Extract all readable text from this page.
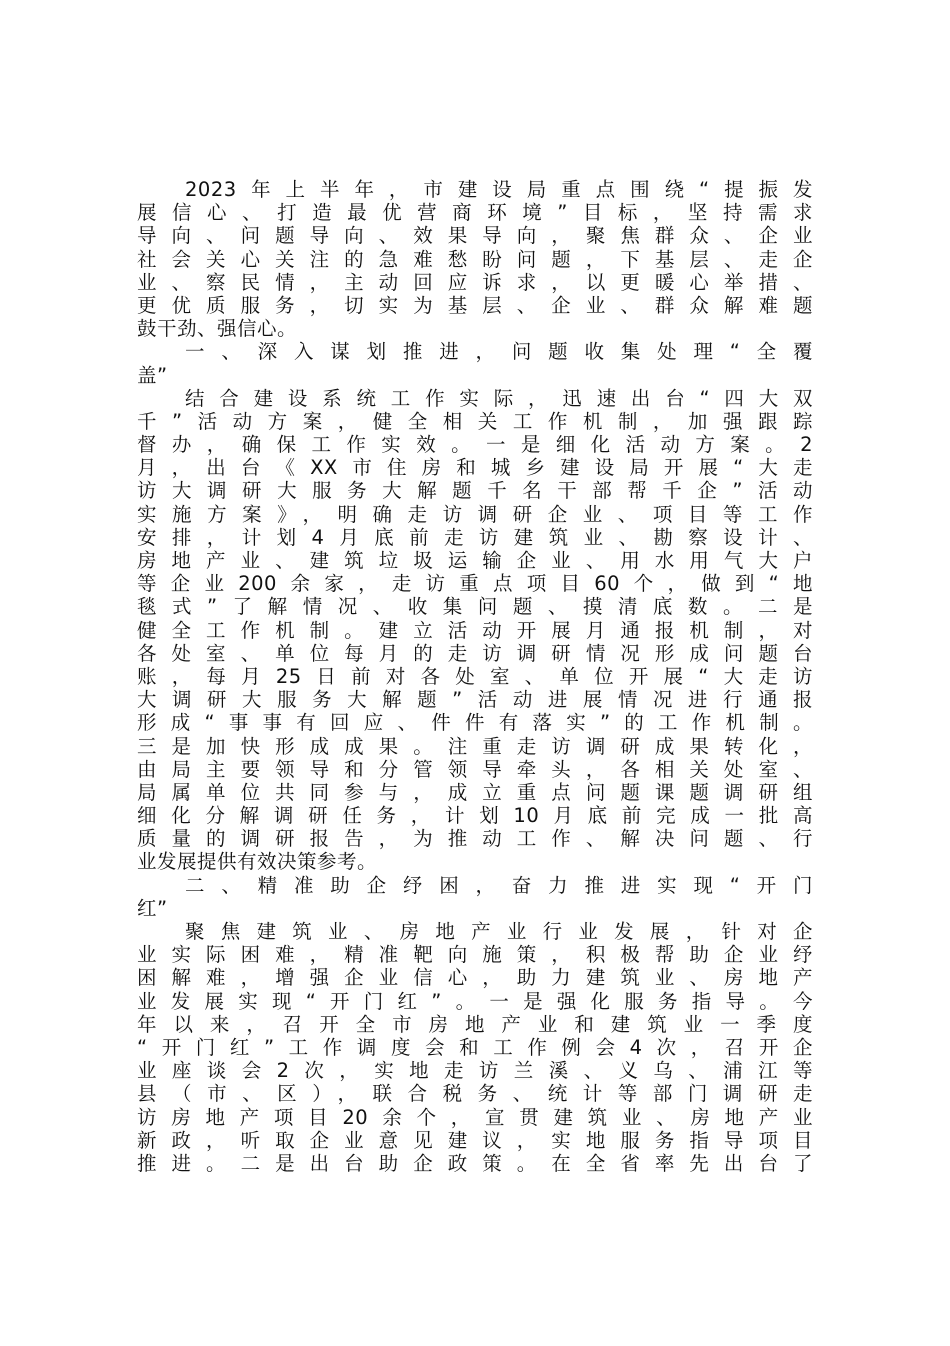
2023年上半年，市建设局重点围绕“提振发
展信心、打造最优营商环境”目标，坚持需求
导向、问题导向、效果导向，聚焦群众、企业
社会关心关注的急难愁盼问题，下基层、走企
业、察民情，主动回应诉求，以更暖心举措、
更优质服务，切实为基层、企业、群众解难题
鼓干劲、强信心。
一、深入谋划推进，问题收集处理“全覆
盖”
结合建设系统工作实际，迅速出台“四大双
千”活动方案，健全相关工作机制，加强跟踪
督办，确保工作实效。一是细化活动方案。2
月，出台《XX市住房和城乡建设局开展“大走
访大调研大服务大解题千名干部帮千企”活动
实施方案》，明确走访调研企业、项目等工作
安排，计划4月底前走访建筑业、勘察设计、
房地产业、建筑垃圾运输企业、用水用气大户
等企业200余家，走访重点项目60个，做到“地
毯式”了解情况、收集问题、摸清底数。二是
健全工作机制。建立活动开展月通报机制，对
各处室、单位每月的走访调研情况形成问题台
账，每月25日前对各处室、单位开展“大走访
大调研大服务大解题”活动进展情况进行通报
形成“事事有回应、件件有落实”的工作机制。
三是加快形成成果。注重走访调研成果转化，
由局主要领导和分管领导牵头，各相关处室、
局属单位共同参与，成立重点问题课题调研组
细化分解调研任务，计划10月底前完成一批高
质量的调研报告，为推动工作、解决问题、行
业发展提供有效决策参考。
二、精准助企纾困，奋力推进实现“开门
红”
聚焦建筑业、房地产业行业发展，针对企
业实际困难，精准靶向施策，积极帮助企业纾
困解难，增强企业信心，助力建筑业、房地产
业发展实现“开门红”。一是强化服务指导。今
年以来，召开全市房地产业和建筑业一季度
“开门红”工作调度会和工作例会4次，召开企
业座谈会2次，实地走访兰溪、义乌、浦江等
县（市、区），联合税务、统计等部门调研走
访房地产项目20余个，宣贯建筑业、房地产业
新政，听取企业意见建议，实地服务指导项目
推进。二是出台助企政策。在全省率先出台了
